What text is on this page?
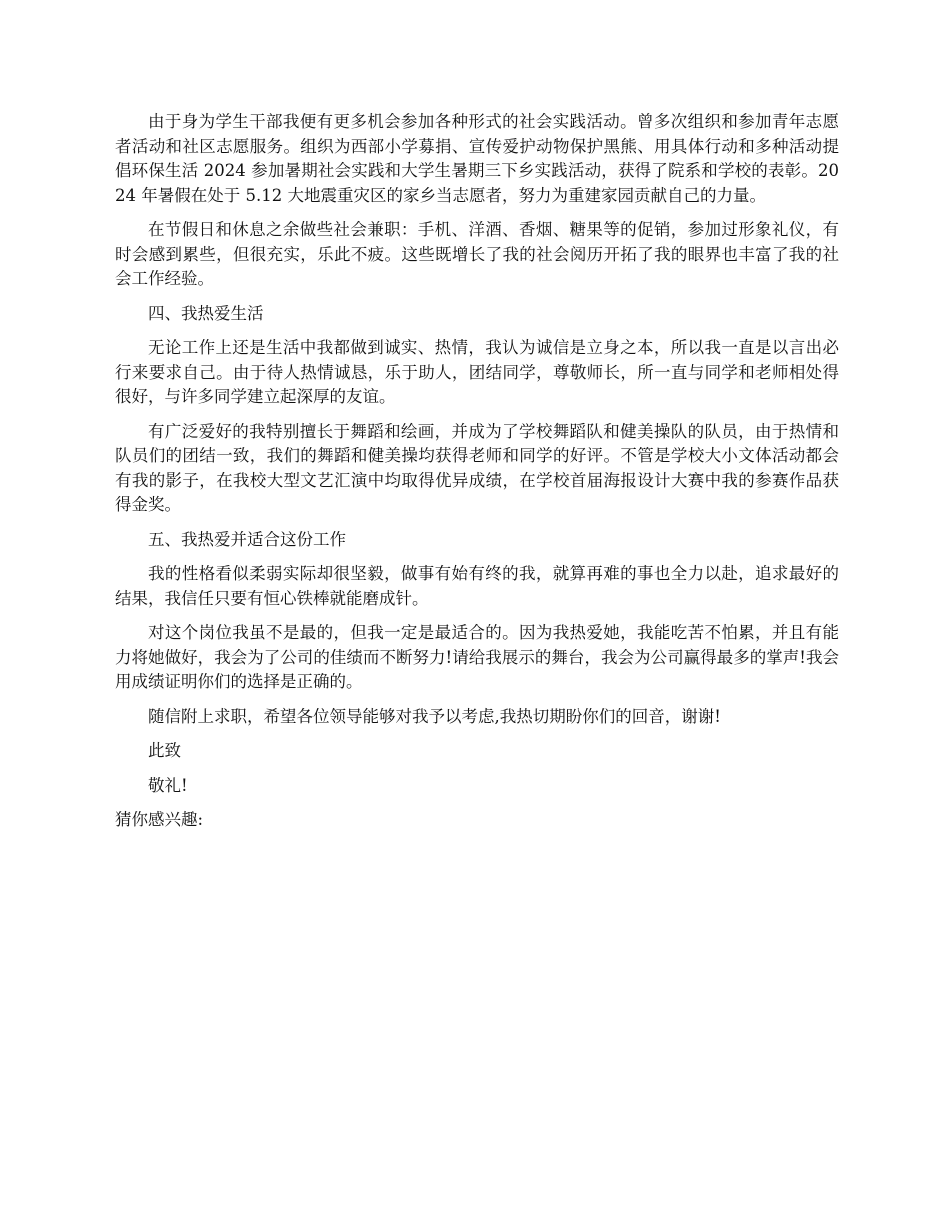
由于身为学生干部我便有更多机会参加各种形式的社会实践活动。曾多次组织和参加青年志愿者活动和社区志愿服务。组织为西部小学募捐、宣传爱护动物保护黑熊、用具体行动和多种活动提倡环保生活 2024 参加暑期社会实践和大学生暑期三下乡实践活动，获得了院系和学校的表彰。2024 年暑假在处于 5.12 大地震重灾区的家乡当志愿者，努力为重建家园贡献自己的力量。

在节假日和休息之余做些社会兼职：手机、洋酒、香烟、糖果等的促销，参加过形象礼仪，有时会感到累些，但很充实，乐此不疲。这些既增长了我的社会阅历开拓了我的眼界也丰富了我的社会工作经验。

四、我热爱生活

无论工作上还是生活中我都做到诚实、热情，我认为诚信是立身之本，所以我一直是以言出必行来要求自己。由于待人热情诚恳，乐于助人，团结同学，尊敬师长，所一直与同学和老师相处得很好，与许多同学建立起深厚的友谊。

有广泛爱好的我特别擅长于舞蹈和绘画，并成为了学校舞蹈队和健美操队的队员，由于热情和队员们的团结一致，我们的舞蹈和健美操均获得老师和同学的好评。不管是学校大小文体活动都会有我的影子，在我校大型文艺汇演中均取得优异成绩，在学校首届海报设计大赛中我的参赛作品获得金奖。

五、我热爱并适合这份工作

我的性格看似柔弱实际却很坚毅，做事有始有终的我，就算再难的事也全力以赴，追求最好的结果，我信任只要有恒心铁棒就能磨成针。

对这个岗位我虽不是最的，但我一定是最适合的。因为我热爱她，我能吃苦不怕累，并且有能力将她做好，我会为了公司的佳绩而不断努力!请给我展示的舞台，我会为公司赢得最多的掌声!我会用成绩证明你们的选择是正确的。

随信附上求职，希望各位领导能够对我予以考虑,我热切期盼你们的回音，谢谢!

此致

敬礼!

猜你感兴趣:
